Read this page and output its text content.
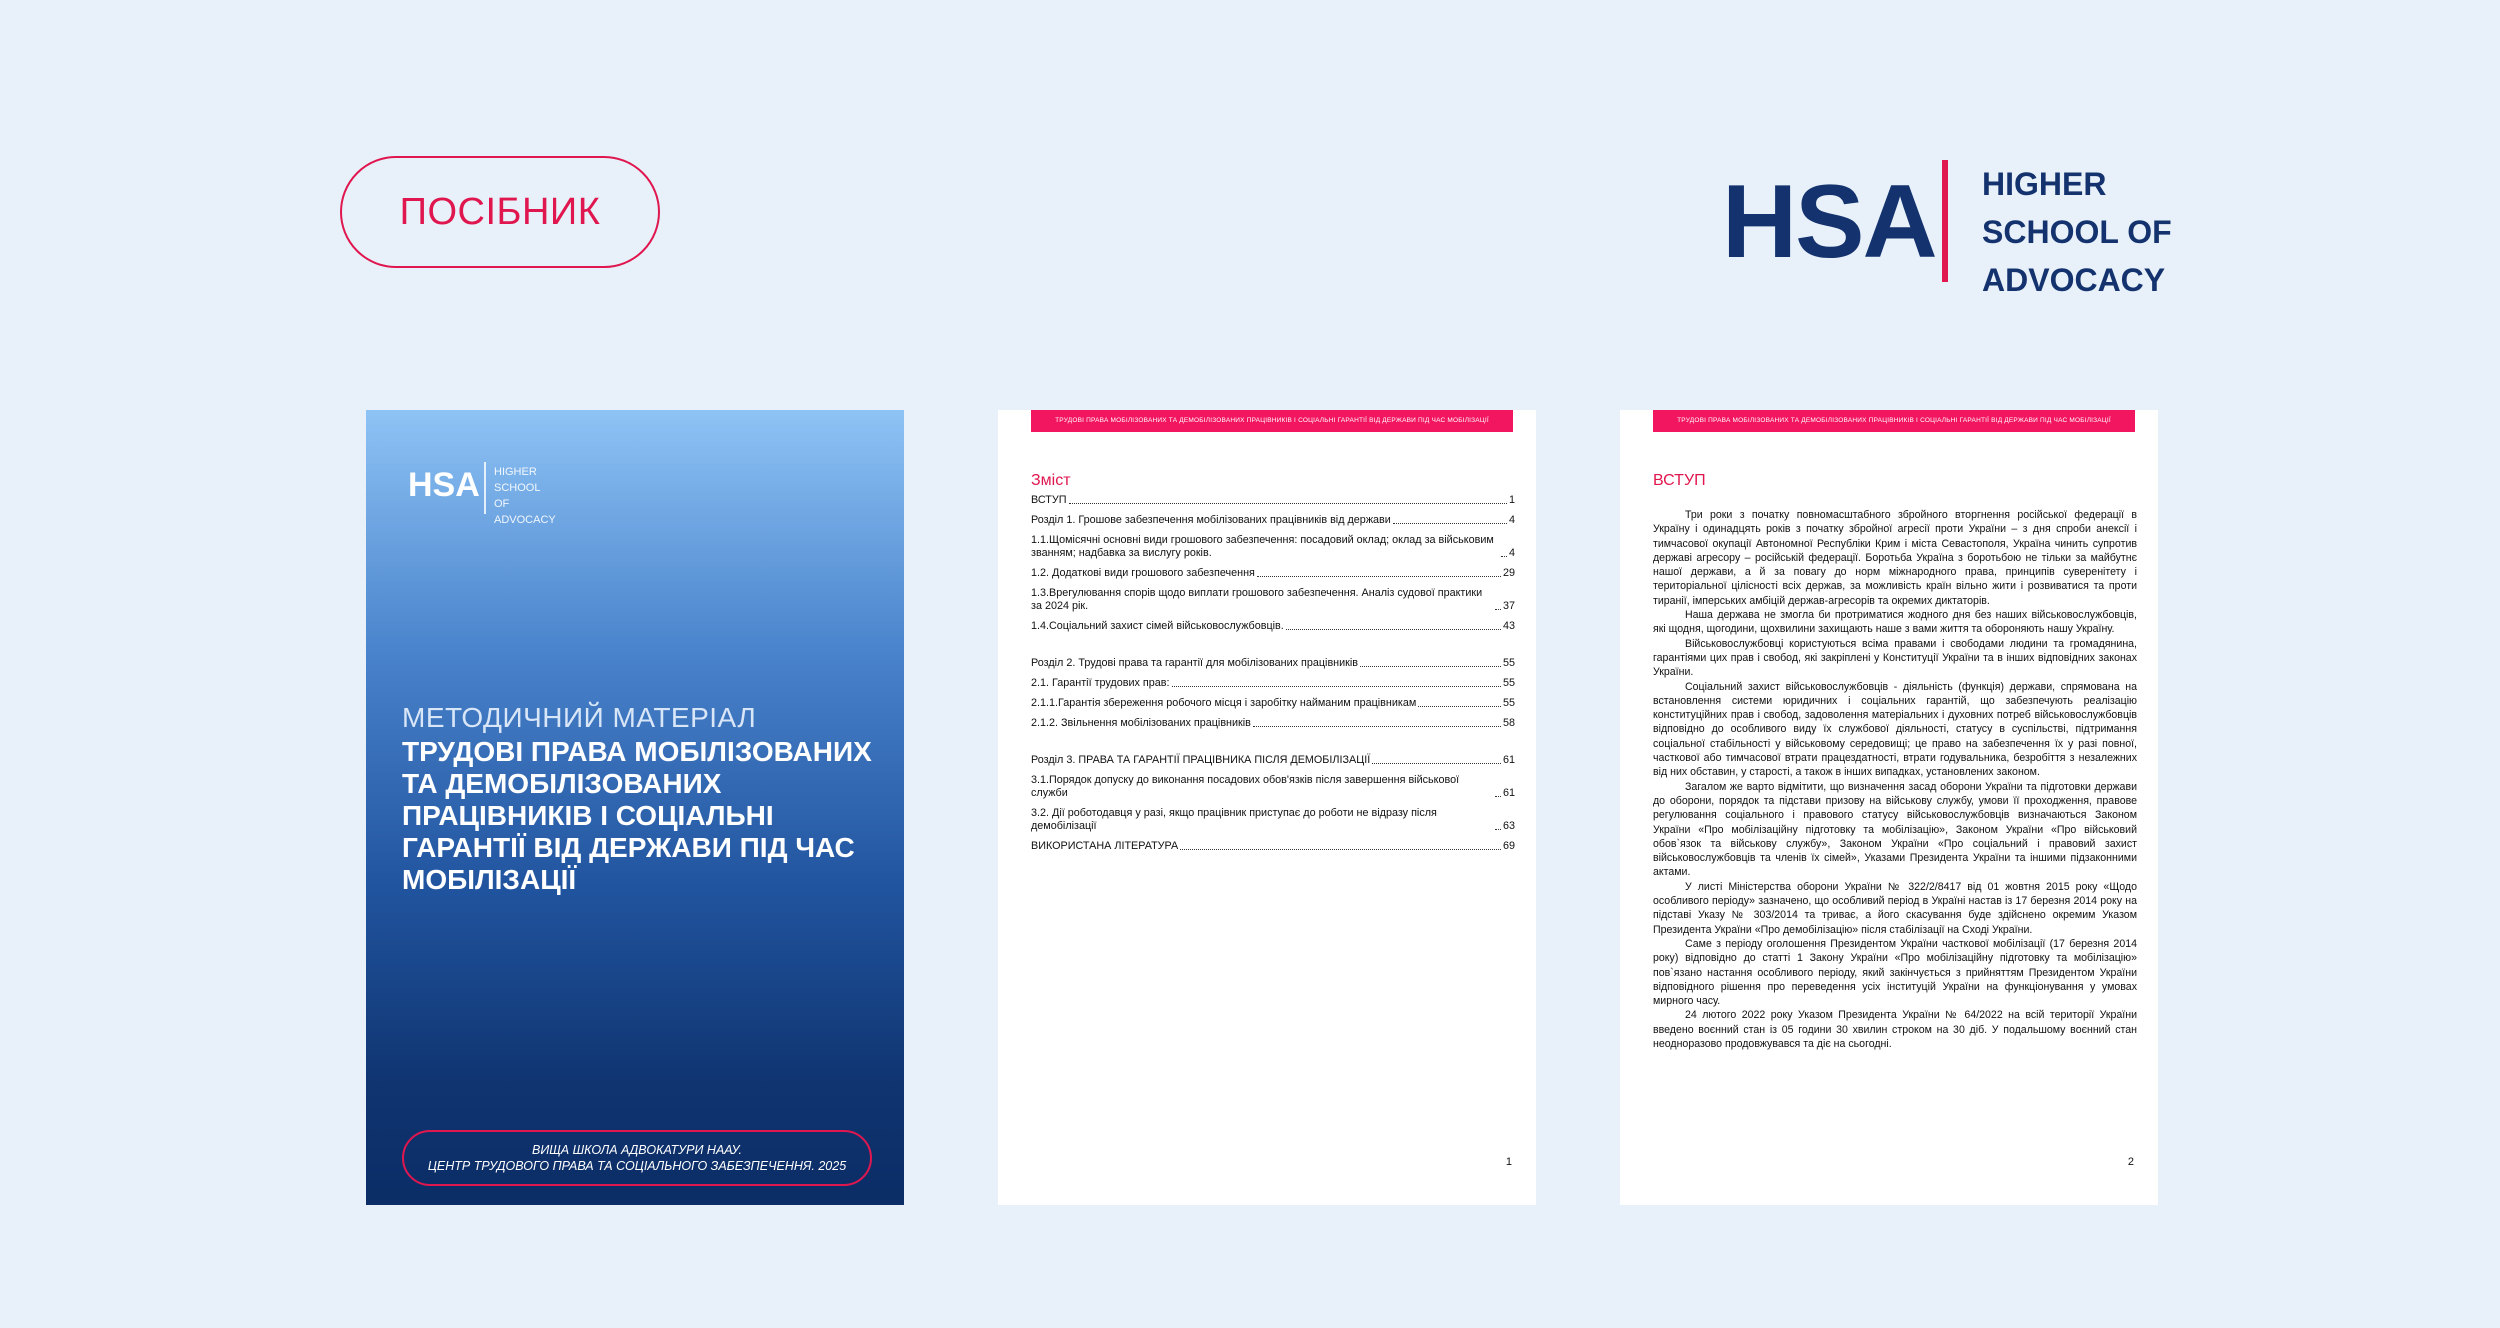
ПОСІБНИК	HSA HIGHER
SCHOOL OF
ADVOCACY
HSA HIGHER
SCHOOL OF
ADVOCACY
МЕТОДИЧНИЙ МАТЕРІАЛ
ТРУДОВІ ПРАВА МОБІЛІЗОВАНИХ ТА ДЕМОБІЛІЗОВАНИХ ПРАЦІВНИКІВ І СОЦІАЛЬНІ ГАРАНТІЇ ВІД ДЕРЖАВИ ПІД ЧАС МОБІЛІЗАЦІЇ
ВИЩА ШКОЛА АДВОКАТУРИ НААУ.
ЦЕНТР ТРУДОВОГО ПРАВА ТА СОЦІАЛЬНОГО ЗАБЕЗПЕЧЕННЯ. 2025
ТРУДОВІ ПРАВА МОБІЛІЗОВАНИХ ТА ДЕМОБІЛІЗОВАНИХ ПРАЦІВНИКІВ І СОЦІАЛЬНІ ГАРАНТІЇ ВІД ДЕРЖАВИ ПІД ЧАС МОБІЛІЗАЦІЇ
Зміст
ВСТУП	1
Розділ 1. Грошове забезпечення мобілізованих працівників від держави	4
1.1.Щомісячні основні види грошового забезпечення: посадовий оклад; оклад за військовим званням; надбавка за вислугу років.	4
1.2. Додаткові види грошового забезпечення	29
1.3.Врегулювання спорів щодо виплати грошового забезпечення. Аналіз судової практики за 2024 рік.	37
1.4.Соціальний захист сімей військовослужбовців.	43
Розділ 2. Трудові права та гарантії для мобілізованих працівників	55
2.1. Гарантії трудових прав:	55
2.1.1.Гарантія збереження робочого місця і заробітку найманим працівникам	55
2.1.2. Звільнення мобілізованих працівників	58
Розділ 3. ПРАВА ТА ГАРАНТІЇ ПРАЦІВНИКА ПІСЛЯ ДЕМОБІЛІЗАЦІЇ	61
3.1.Порядок допуску до виконання посадових обов'язків після завершення військової служби	61
3.2. Дії роботодавця у разі, якщо працівник приступає до роботи не відразу після демобілізації	63
ВИКОРИСТАНА ЛІТЕРАТУРА	69
1
ТРУДОВІ ПРАВА МОБІЛІЗОВАНИХ ТА ДЕМОБІЛІЗОВАНИХ ПРАЦІВНИКІВ І СОЦІАЛЬНІ ГАРАНТІЇ ВІД ДЕРЖАВИ ПІД ЧАС МОБІЛІЗАЦІЇ
ВСТУП

Три роки з початку повномасштабного збройного вторгнення російської федерації в Україну і одинадцять років з початку збройної агресії проти України – з дня спроби анексії і тимчасової окупації Автономної Республіки Крим і міста Севастополя, Україна чинить супротив державі агресору – російській федерації. Боротьба Україна з боротьбою не тільки за майбутнє нашої держави, а й за повагу до норм міжнародного права, принципів суверенітету і територіальної цілісності всіх держав, за можливість країн вільно жити і розвиватися та проти тиранії, імперських амбіцій держав-агресорів та окремих диктаторів.

Наша держава не змогла би протриматися жодного дня без наших військовослужбовців, які щодня, щогодини, щохвилини захищають наше з вами життя та обороняють нашу Україну.

Військовослужбовці користуються всіма правами і свободами людини та громадянина, гарантіями цих прав і свобод, які закріплені у Конституції України та в інших відповідних законах України.

Соціальний захист військовослужбовців - діяльність (функція) держави, спрямована на встановлення системи юридичних і соціальних гарантій, що забезпечують реалізацію конституційних прав і свобод, задоволення матеріальних і духовних потреб військовослужбовців відповідно до особливого виду їх службової діяльності, статусу в суспільстві, підтримання соціальної стабільності у військовому середовищі; це право на забезпечення їх у разі повної, часткової або тимчасової втрати працездатності, втрати годувальника, безробіття з незалежних від них обставин, у старості, а також в інших випадках, установлених законом.

Загалом же варто відмітити, що визначення засад оборони України та підготовки держави до оборони, порядок та підстави призову на військову службу, умови її проходження, правове регулювання соціального і правового статусу військовослужбовців визначаються Законом України «Про мобілізаційну підготовку та мобілізацію», Законом України «Про військовий обов`язок та військову службу», Законом України «Про соціальний і правовий захист військовослужбовців та членів їх сімей», Указами Президента України та іншими підзаконними актами.

У листі Міністерства оборони України № 322/2/8417 від 01 жовтня 2015 року «Щодо особливого періоду» зазначено, що особливий період в Україні настав із 17 березня 2014 року на підставі Указу № 303/2014 та триває, а його скасування буде здійснено окремим Указом Президента України «Про демобілізацію» після стабілізації на Сході України.

Саме з періоду оголошення Президентом України часткової мобілізації (17 березня 2014 року) відповідно до статті 1 Закону України «Про мобілізаційну підготовку та мобілізацію» пов`язано настання особливого періоду, який закінчується з прийняттям Президентом України відповідного рішення про переведення усіх інституцій України на функціонування у умовах мирного часу.

24 лютого 2022 року Указом Президента України № 64/2022 на всій території України введено воєнний стан із 05 години 30 хвилин строком на 30 діб. У подальшому воєнний стан неодноразово продовжувався та діє на сьогодні.

2
